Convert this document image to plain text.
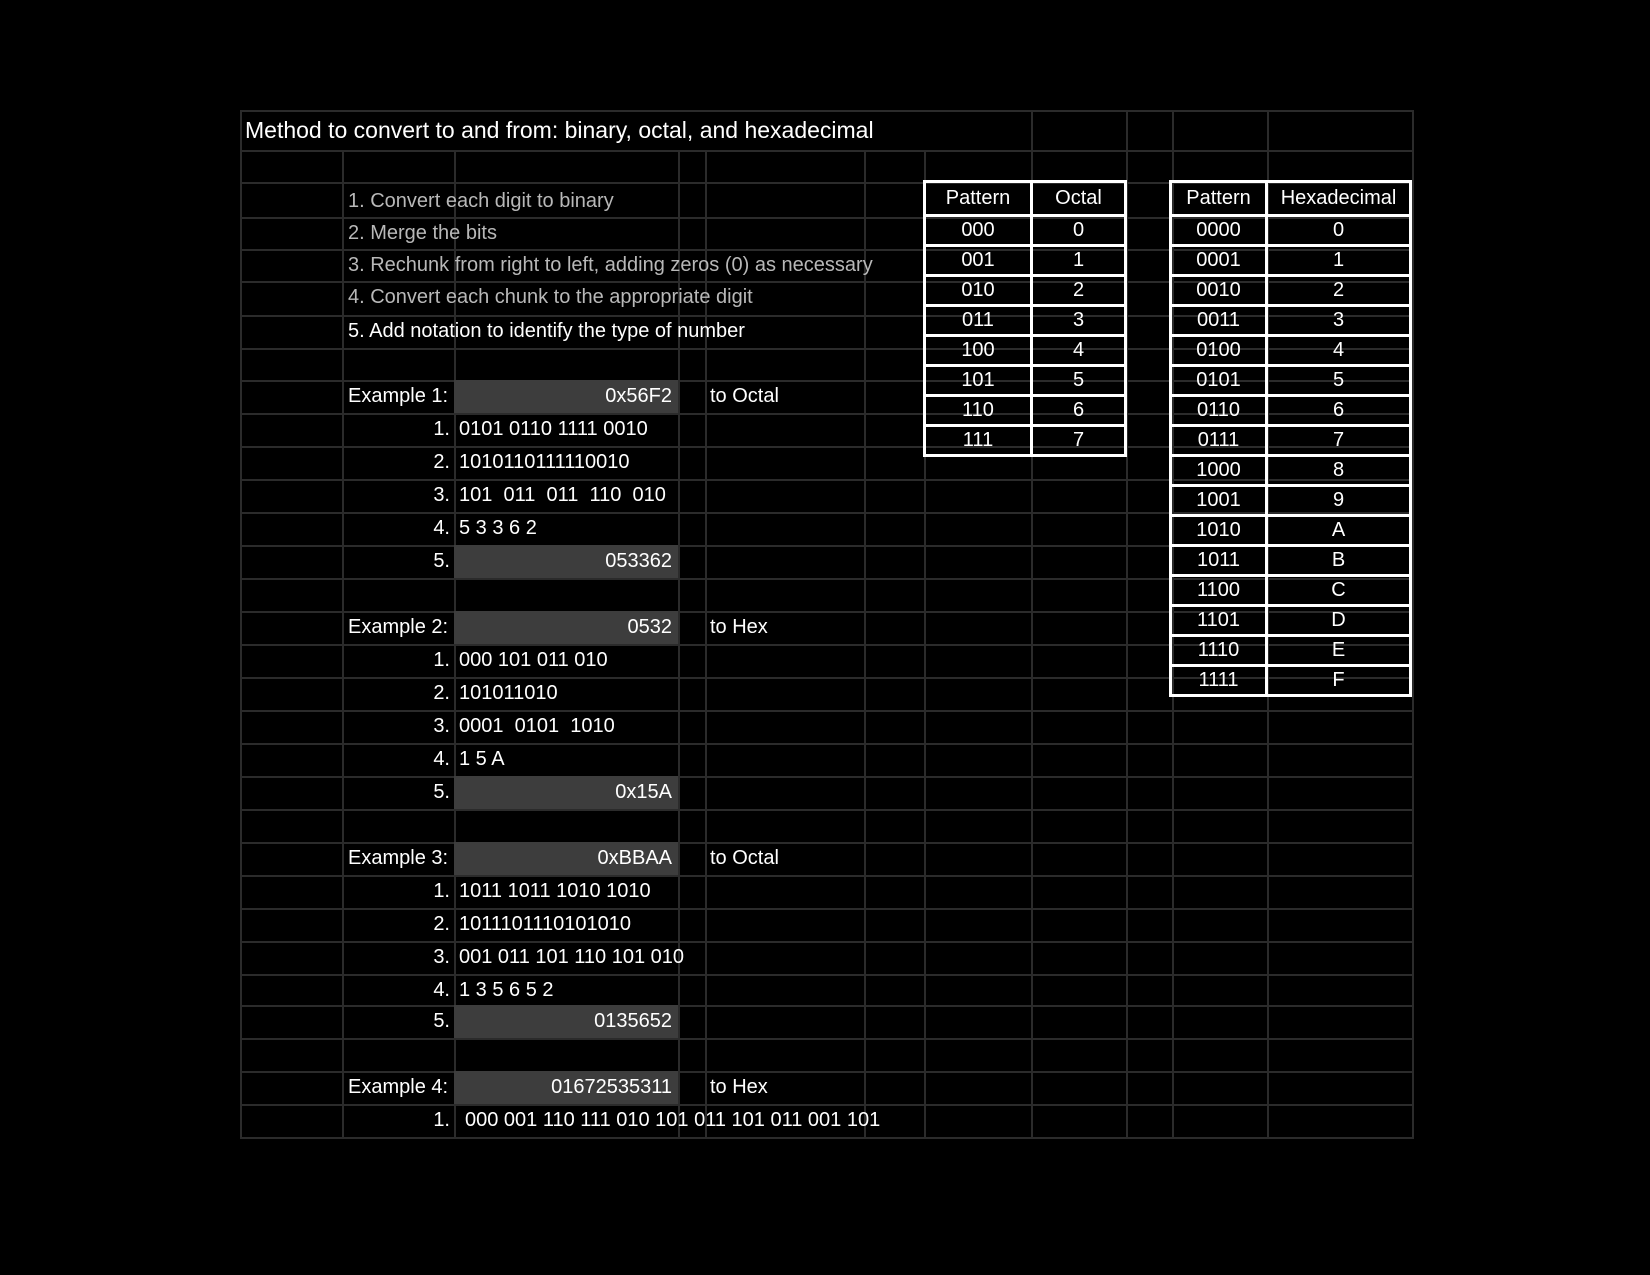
Method to convert to and from: binary, octal, and hexadecimal
1. Convert each digit to binary
2. Merge the bits
3. Rechunk from right to left, adding zeros (0) as necessary
4. Convert each chunk to the appropriate digit
5. Add notation to identify the type of number
Example 1:	0x56F2	to Octal
1. 0101 0110 1111 0010
2. 1010110111110010
3. 101  011  011  110  010
4. 5 3 3 6 2
5.	053362
Example 2:	0532	to Hex
1. 000 101 011 010
2. 101011010
3. 0001  0101  1010
4. 1 5 A
5.	0x15A
Example 3:	0xBBAA	to Octal
1. 1011 1011 1010 1010
2. 1011101110101010
3. 001 011 101 110 101 010
4. 1 3 5 6 5 2
5.	0135652
Example 4:	01672535311	to Hex
1. 000 001 110 111 010 101 011 101 011 001 101
Pattern	Octal
000	0
001	1
010	2
011	3
100	4
101	5
110	6
111	7
Pattern	Hexadecimal
0000	0
0001	1
0010	2
0011	3
0100	4
0101	5
0110	6
0111	7
1000	8
1001	9
1010	A
1011	B
1100	C
1101	D
1110	E
1111	F
